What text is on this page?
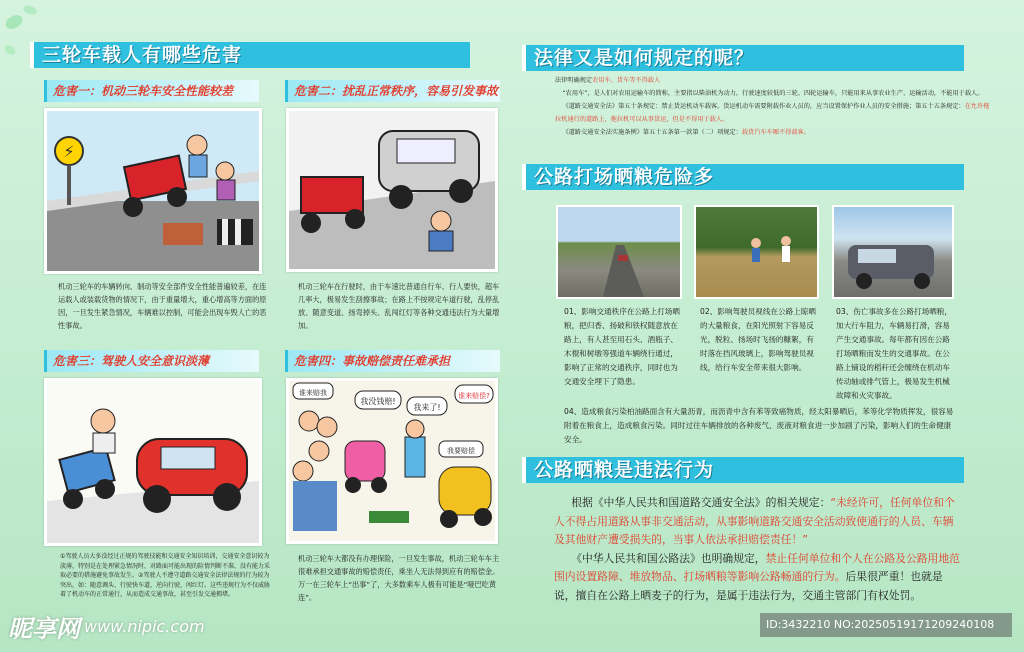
三轮车载人有哪些危害
危害一：机动三轮车安全性能较差
⚡
机动三轮车的车辆转向、制动等安全部件安全性能普遍较差，在连运载人或装载货物的情况下，由于重量增大，重心增高等方面的原因，一旦发生紧急情况，车辆难以控制，可能会出现车毁人亡的恶性事故。
危害二：扰乱正常秩序，容易引发事故
机动三轮车在行驶时，由于车速比普通自行车、行人要快，超车几率大，极易发生刮擦事故；在路上不按规定车道行驶，乱停乱放、随意变道、扬弯掉头、乱闯红灯等各种交通违法行为大量增加。
危害三：驾驶人安全意识淡薄
①驾驶人员大多没经过正规的驾驶技能和交通安全知识培训，交通安全意识较为淡薄，特别是在处理紧急情况时，对路面可能出现的险情判断不准，没有能力采取必要的措施避免事故发生。②驾驶人不遵守道路交通安全法律法规的行为较为突出，如：随意调头、行驶快车道，逆向行驶，闯红灯。这些违规行为不仅威胁着了机动车的正常通行，从而造成交通事故，甚至引发交通拥堵。
危害四：事故赔偿责任难承担
我没钱赔!
我来了!
谁来赔偿?
谁来赔我
我要赔偿
机动三轮车大都没有办理保险，一旦发生事故，机动三轮车车主很难承担交通事故的赔偿责任，乘坐人无法得到应有的赔偿金。万一在三轮车上“出事”了，大多数乘车人极有可能是“哑巴吃黄连”。
法律又是如何规定的呢？

法律明确规定农用车、货车等不得载人

“农用车”，是人们对农用运输车的简称，主要指以柴油机为动力，行驶速度较低的三轮、四轮运输车，只能用来从事农业生产、运输活动，不能用于载人。

《道路交通安全法》第五十条规定：禁止货运机动车载客。货运机动车需要附载作业人员的，应当设置保护作业人员的安全措施；第五十五条规定：在允许拖拉机通行的道路上，拖拉机可以从事货运，但是不得用于载人。

《道路交通安全法实施条例》第五十五条第一款第（二）项规定：载货汽车车厢不得载客。

公路打场晒粮危险多
01、影响交通秩序在公路上打场晒粮，把归香、扬破和铁权随意放在路上，有人甚至用石头、酒瓶子、木棍和树墩等强道车辆绕行通过，影响了正常的交通秩序，同时也为交通安全埋下了隐患。
02、影响驾驶员视线在公路上晾晒的大量粮食，在阳光照射下容易反光，脱粒、扬场时飞扬的糠絮，有时落在挡风玻璃上，影响驾驶员视线，给行车安全带来很大影响。
03、伤亡事故多在公路打场晒粮，加大行车阻力，车辆易打滑，容易产生交通事故。每年都有因在公路打场晒粮而发生的交通事故。在公路上铺设的稻秆还会缠绕在机动车传动轴或排气管上，极易发生机械故障和火灾事故。
04、造成粮食污染柏油路面含有大量沥青，而沥青中含有苯等致癌物质，经太阳暴晒后，苯等化学物质挥发，很容易附着在粮食上，造成粮食污染。同时过往车辆排放的各种废气、废液对粮食进一步加剧了污染，影响人们的生命健康安全。
公路晒粮是违法行为

根据《中华人民共和国道路交通安全法》的相关规定：“未经许可，任何单位和个人不得占用道路从事非交通活动，从事影响道路交通安全活动致使通行的人员、车辆及其他财产遭受损失的，当事人依法承担赔偿责任！”

《中华人民共和国公路法》也明确规定，禁止任何单位和个人在公路及公路用地范围内设置路障、堆放物品、打场晒粮等影响公路畅通的行为。后果很严重！也就是说，擅自在公路上晒麦子的行为，是属于违法行为，交通主管部门有权处罚。

昵享网 www.nipic.com	ID:3432210 NO:20250519171209240108
